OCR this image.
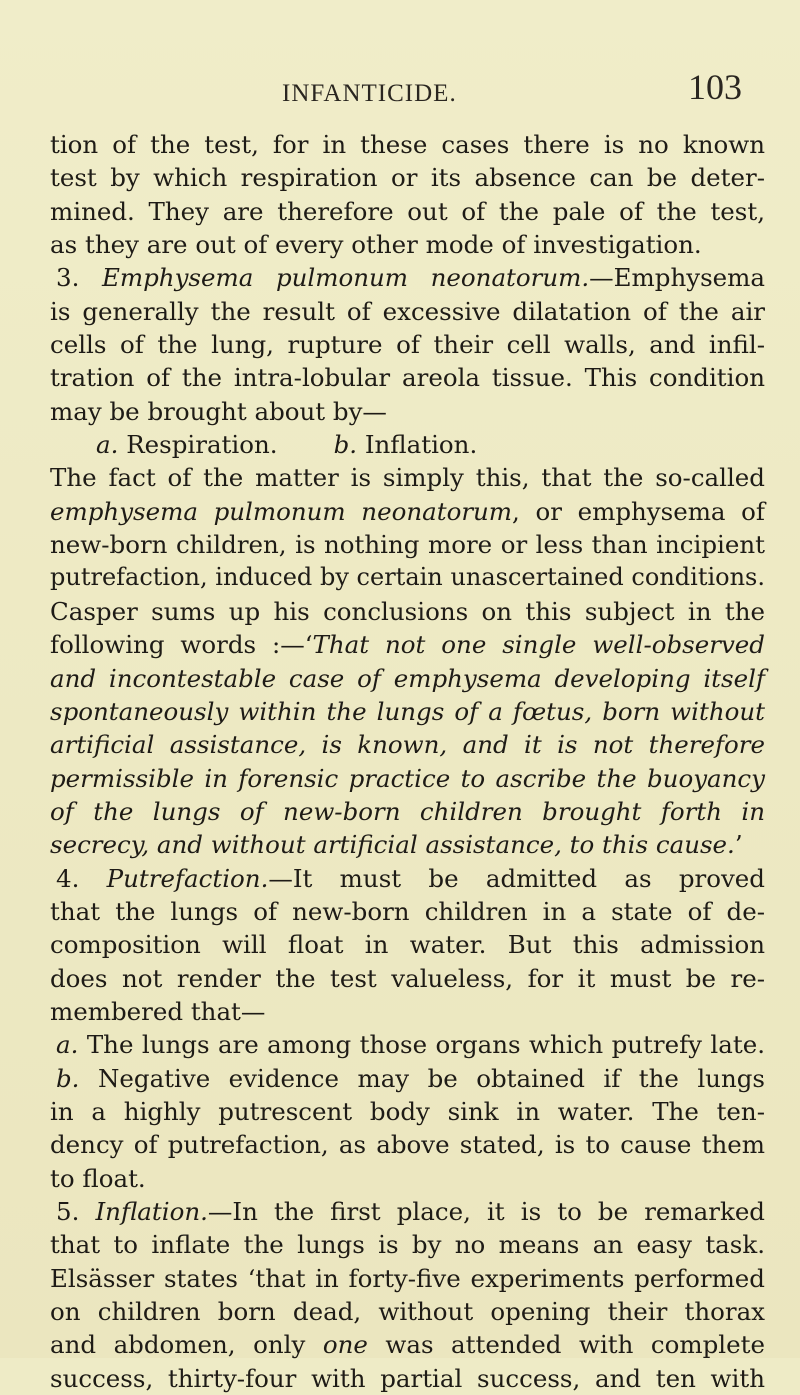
INFANTICIDE.	103
tion of the test, for in these cases there is no known
test by which respiration or its absence can be deter-
mined. They are therefore out of the pale of the test,
as they are out of every other mode of investigation.
3. Emphysema pulmonum neonatorum.—Emphysema
is generally the result of excessive dilatation of the air
cells of the lung, rupture of their cell walls, and infil-
tration of the intra-lobular areola tissue. This condition
may be brought about by—
a. Respiration. b. Inflation.
The fact of the matter is simply this, that the so-called
emphysema pulmonum neonatorum, or emphysema of
new-born children, is nothing more or less than incipient
putrefaction, induced by certain unascertained conditions.
Casper sums up his conclusions on this subject in the
following words :—‘That not one single well-observed
and incontestable case of emphysema developing itself
spontaneously within the lungs of a fœtus, born without
artificial assistance, is known, and it is not therefore
permissible in forensic practice to ascribe the buoyancy
of the lungs of new-born children brought forth in
secrecy, and without artificial assistance, to this cause.’
4. Putrefaction.—It must be admitted as proved
that the lungs of new-born children in a state of de-
composition will float in water. But this admission
does not render the test valueless, for it must be re-
membered that—
a. The lungs are among those organs which putrefy late.
b. Negative evidence may be obtained if the lungs
in a highly putrescent body sink in water. The ten-
dency of putrefaction, as above stated, is to cause them
to float.
5. Inflation.—In the first place, it is to be remarked
that to inflate the lungs is by no means an easy task.
Elsässer states ‘that in forty-five experiments performed
on children born dead, without opening their thorax
and abdomen, only one was attended with complete
success, thirty-four with partial success, and ten with
